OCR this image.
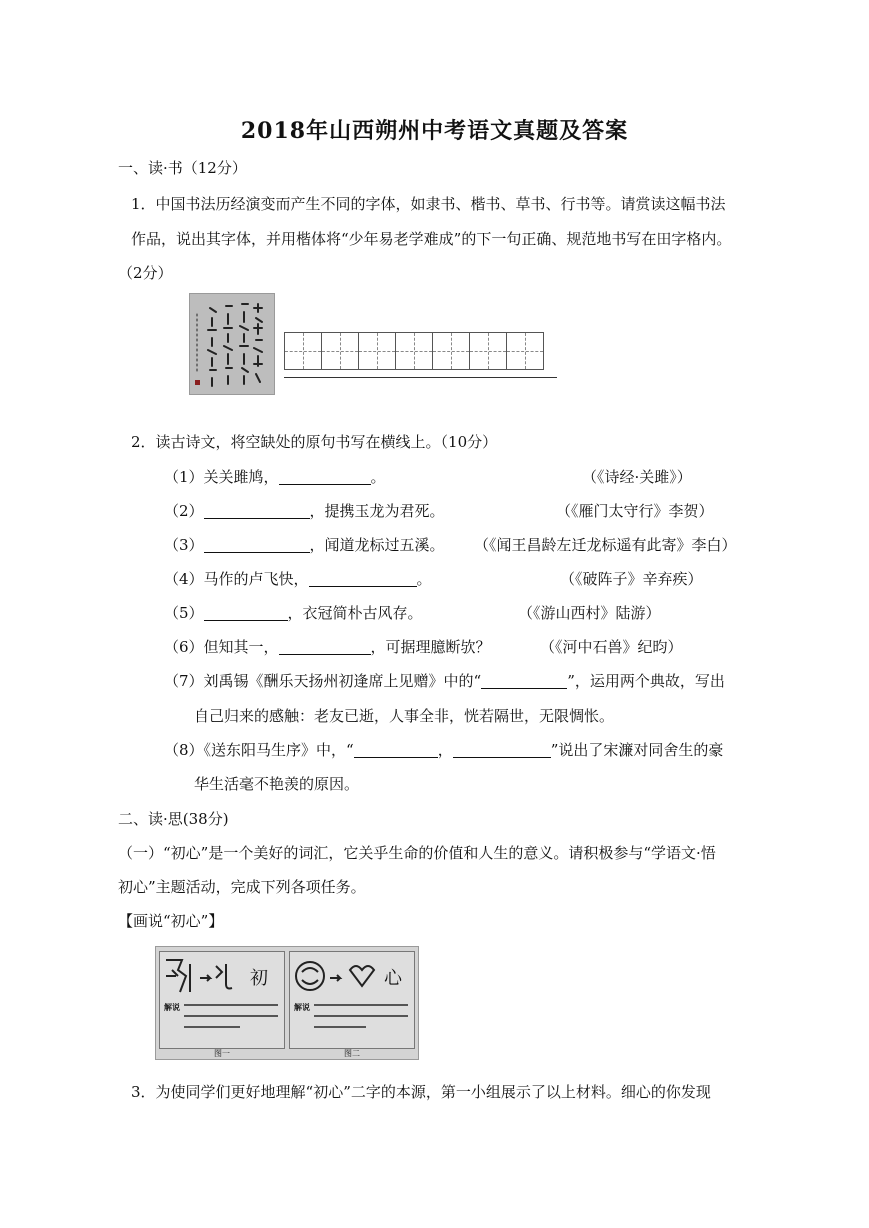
2018年山西朔州中考语文真题及答案
一、读·书（12分）
1．中国书法历经演变而产生不同的字体，如隶书、楷书、草书、行书等。请赏读这幅书法
作品，说出其字体，并用楷体将“少年易老学难成”的下一句正确、规范地书写在田字格内。
（2分）
2．读古诗文，将空缺处的原句书写在横线上。（10分）
（1）关关雎鸠，	。	（《诗经·关雎》）
（2）	，提携玉龙为君死。	（《雁门太守行》李贺）
（3）	，闻道龙标过五溪。 （《闻王昌龄左迁龙标遥有此寄》李白）
（4）马作的卢飞快，	。	（《破阵子》辛弃疾）
（5）	，衣冠简朴古风存。	（《游山西村》陆游）
（6）但知其一，	，可据理臆断欤？	（《河中石兽》纪昀）
（7）刘禹锡《酬乐天扬州初逢席上见赠》中的“	”，运用两个典故，写出
自己归来的感触：老友已逝，人事全非，恍若隔世，无限惆怅。
（8）《送东阳马生序》中，“	，	”说出了宋濂对同舍生的豪
华生活毫不艳羡的原因。
二、读·思(38分)
（一）“初心”是一个美好的词汇，它关乎生命的价值和人生的意义。请积极参与“学语文·悟
初心”主题活动，完成下列各项任务。
【画说“初心”】
初
解说
心
解说
图一	图二
3．为使同学们更好地理解“初心”二字的本源，第一小组展示了以上材料。细心的你发现
